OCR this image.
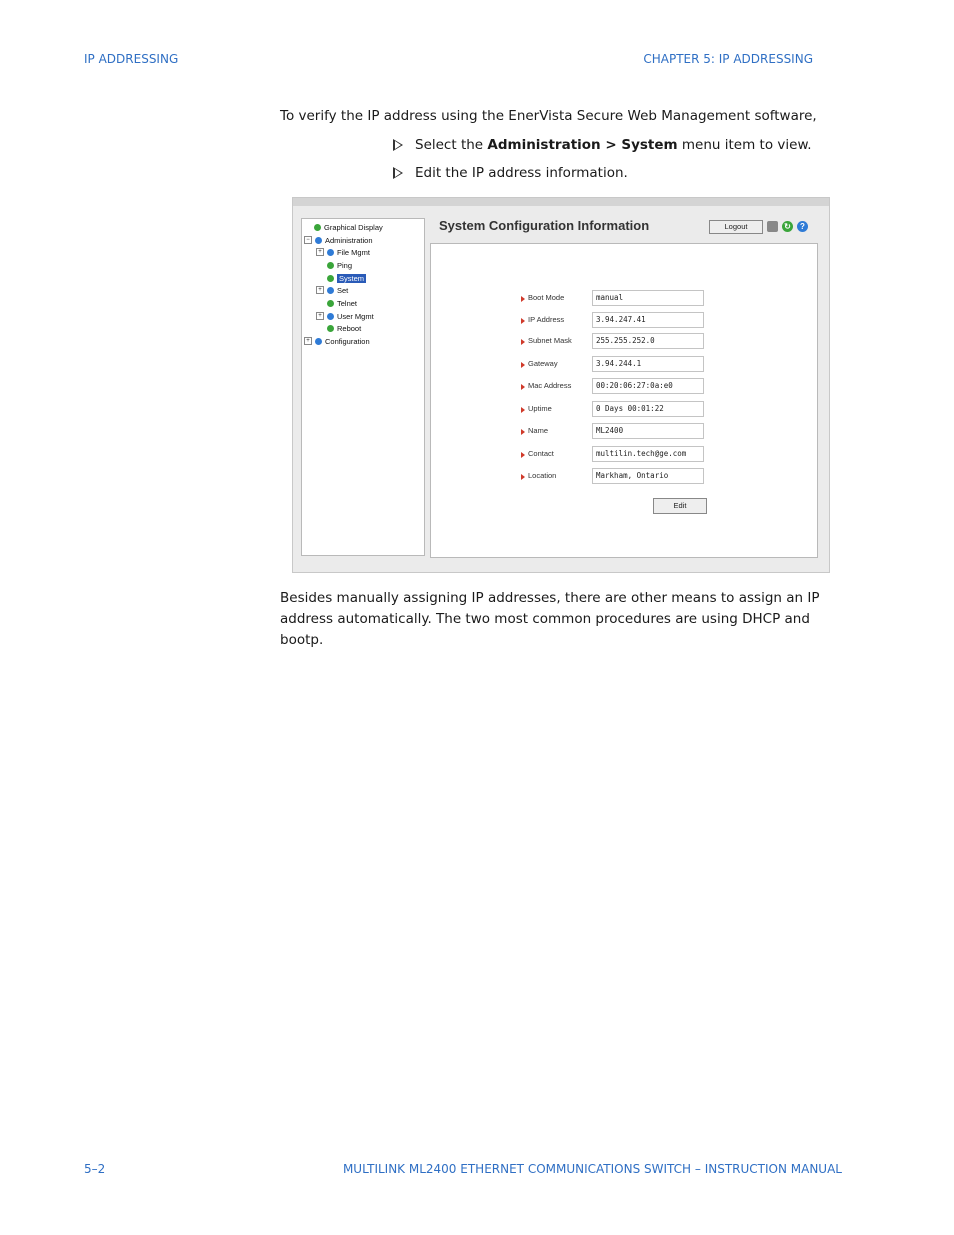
IP ADDRESSING	CHAPTER 5: IP ADDRESSING
To verify the IP address using the EnerVista Secure Web Management software,
Select the Administration > System menu item to view.
Edit the IP address information.
Graphical Display
−	Administration
+	File Mgmt
Ping
System
+	Set
Telnet
+	User Mgmt
Reboot
+	Configuration
System Configuration Information	Logout	↻	?
Boot Mode	manual
IP Address	3.94.247.41
Subnet Mask	255.255.252.0
Gateway	3.94.244.1
Mac Address	00:20:06:27:0a:e0
Uptime	0 Days 00:01:22
Name	ML2400
Contact	multilin.tech@ge.com
Location	Markham, Ontario
Edit
Besides manually assigning IP addresses, there are other means to assign an IP address automatically. The two most common procedures are using DHCP and bootp.
5–2	MULTILINK ML2400 ETHERNET COMMUNICATIONS SWITCH – INSTRUCTION MANUAL
